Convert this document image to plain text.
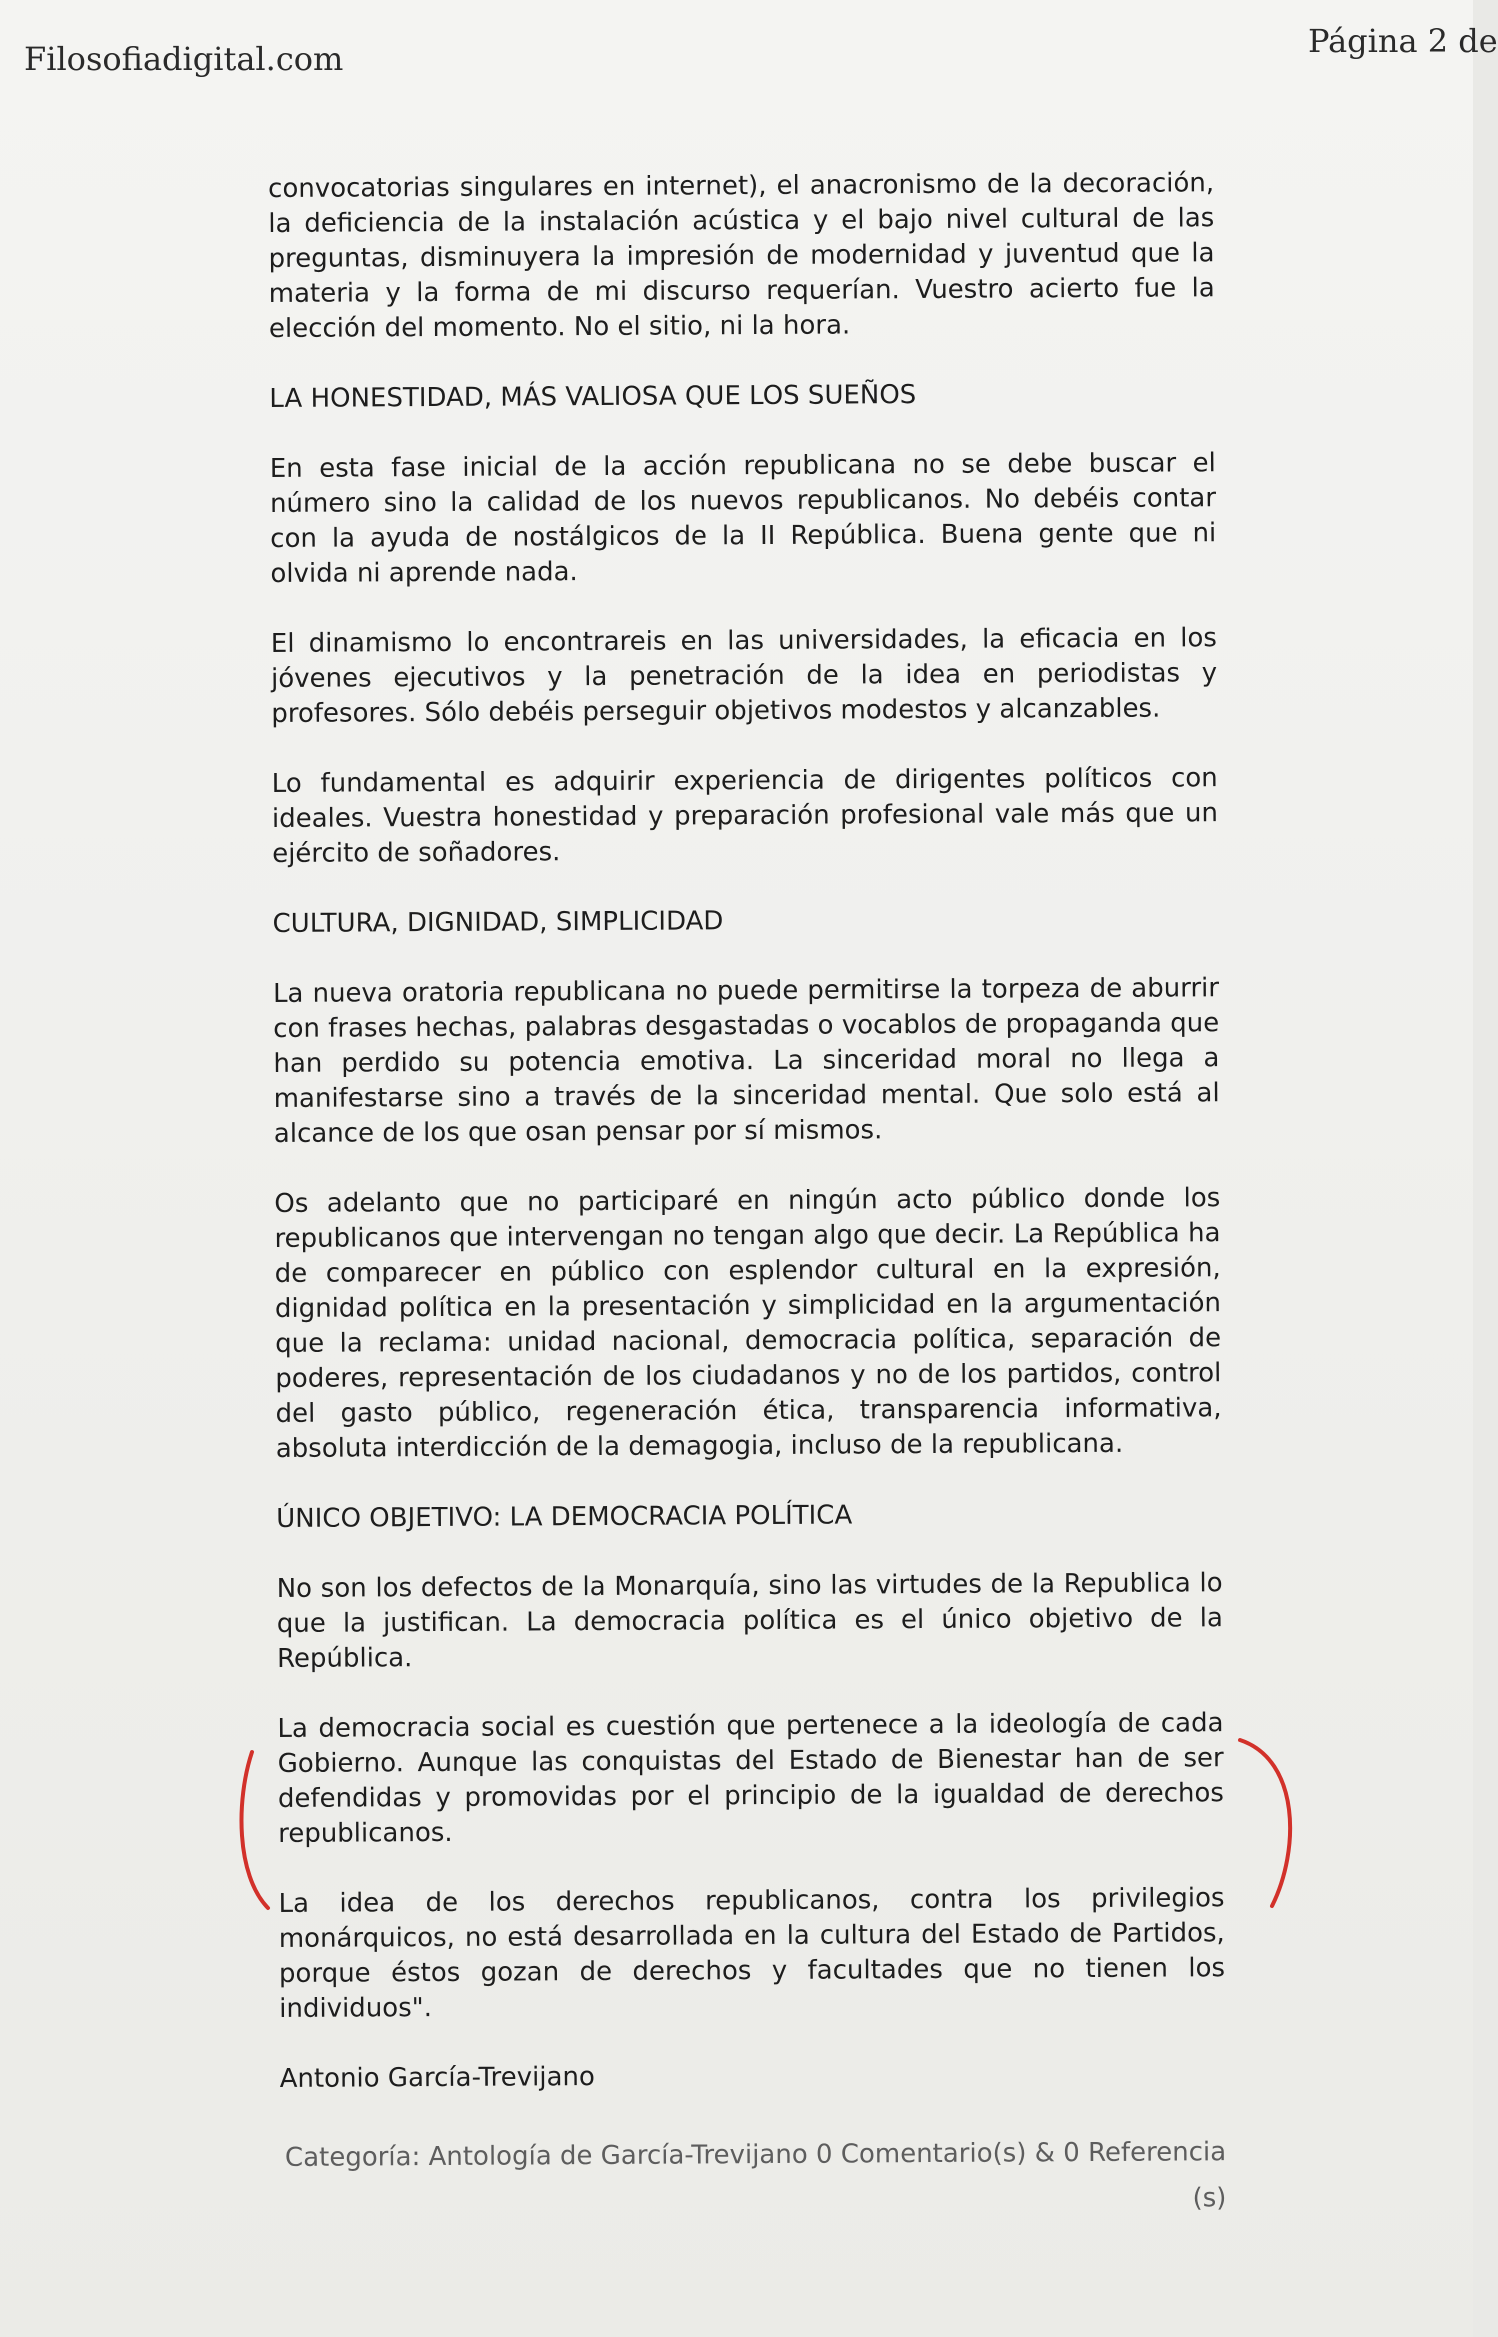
Filosofiadigital.com	Página 2 de

convocatorias singulares en internet), el anacronismo de la decoración, la deficiencia de la instalación acústica y el bajo nivel cultural de las preguntas, disminuyera la impresión de modernidad y juventud que la materia y la forma de mi discurso requerían. Vuestro acierto fue la elección del momento. No el sitio, ni la hora.

LA HONESTIDAD, MÁS VALIOSA QUE LOS SUEÑOS

En esta fase inicial de la acción republicana no se debe buscar el número sino la calidad de los nuevos republicanos. No debéis contar con la ayuda de nostálgicos de la II República. Buena gente que ni olvida ni aprende nada.

El dinamismo lo encontrareis en las universidades, la eficacia en los jóvenes ejecutivos y la penetración de la idea en periodistas y profesores. Sólo debéis perseguir objetivos modestos y alcanzables.

Lo fundamental es adquirir experiencia de dirigentes políticos con ideales. Vuestra honestidad y preparación profesional vale más que un ejército de soñadores.

CULTURA, DIGNIDAD, SIMPLICIDAD

La nueva oratoria republicana no puede permitirse la torpeza de aburrir con frases hechas, palabras desgastadas o vocablos de propaganda que han perdido su potencia emotiva. La sinceridad moral no llega a manifestarse sino a través de la sinceridad mental. Que solo está al alcance de los que osan pensar por sí mismos.

Os adelanto que no participaré en ningún acto público donde los republicanos que intervengan no tengan algo que decir. La República ha de comparecer en público con esplendor cultural en la expresión, dignidad política en la presentación y simplicidad en la argumentación que la reclama: unidad nacional, democracia política, separación de poderes, representación de los ciudadanos y no de los partidos, control del gasto público, regeneración ética, transparencia informativa, absoluta interdicción de la demagogia, incluso de la republicana.

ÚNICO OBJETIVO: LA DEMOCRACIA POLÍTICA

No son los defectos de la Monarquía, sino las virtudes de la Republica lo que la justifican. La democracia política es el único objetivo de la República.

La democracia social es cuestión que pertenece a la ideología de cada Gobierno. Aunque las conquistas del Estado de Bienestar han de ser defendidas y promovidas por el principio de la igualdad de derechos republicanos.

La idea de los derechos republicanos, contra los privilegios monárquicos, no está desarrollada en la cultura del Estado de Partidos, porque éstos gozan de derechos y facultades que no tienen los individuos".

Antonio García-Trevijano

Categoría: Antología de García-Trevijano 0 Comentario(s) & 0 Referencia (s)
